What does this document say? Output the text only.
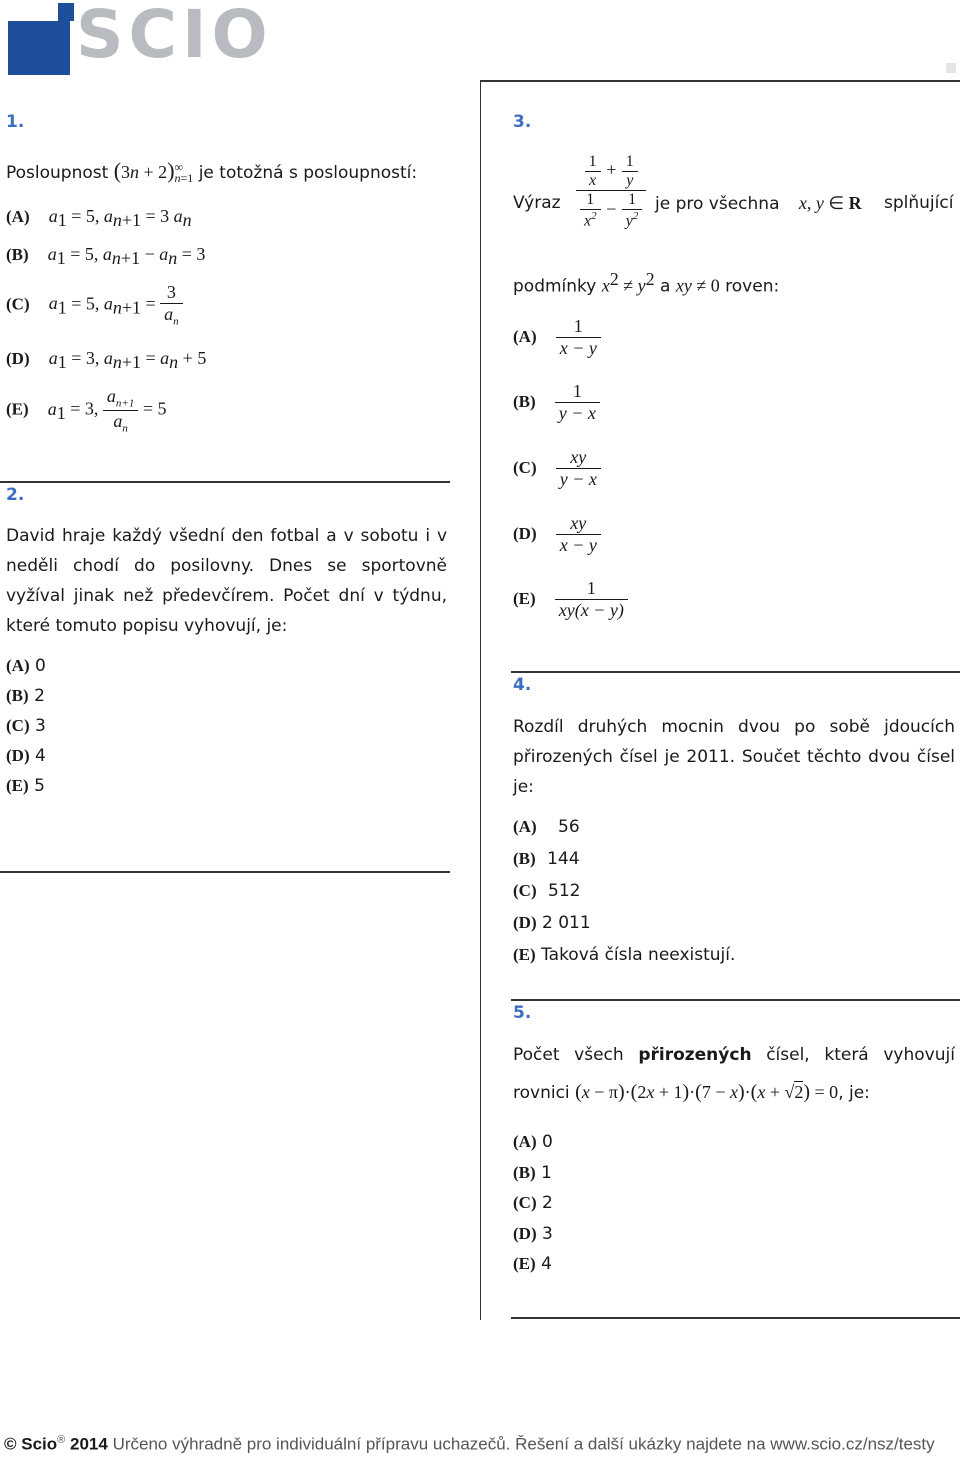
SCIO
1.
Posloupnost (3n + 2) ∞
n=1 je totožná s posloupností:
(A) $a_1 = 5$, $a_{n+1} = 3$ $a_n$
(B) $a_1 = 5$, $a_{n+1} - a_n = 3$
(C) $a_1 = 5$, $a_{n+1} = \frac{3}{a_n}$
(D) $a_1 = 3$, $a_{n+1} = a_n + 5$
(E) $a_1 = 3$, $\frac{a_{n+1}}{a_n} = 5$
2.
David hraje každý všední den fotbal a v sobotu i v
neděli chodí do posilovny. Dnes se sportovně
vyžíval jinak než předevčírem. Počet dní v týdnu,
které tomuto popisu vyhovují, je:
(A) 0
(B) 2
(C) 3
(D) 4
(E) 5
3.
Výraz $\frac{\frac{1}{x} + \frac{1}{y}}{\frac{1}{x^2} - \frac{1}{y^2}}$ je pro všechna x, y ∈ R splňující
podmínky $x^2 \ne y^2$ a xy ≠ 0 roven:
$(A) \frac{1}{x - y}$
$(B) \frac{1}{y - x}$
$(C) \frac{xy}{y - x}$
$(D) \frac{xy}{x - y}$
$(E) \frac{1}{xy(x - y)}$
4.
Rozdíl druhých mocnin dvou po sobě jdoucích
přirozených čísel je 2011. Součet těchto dvou čísel
je:
(A) 56
(B) 144
(C) 512
(D) 2 011
(E) Taková čísla neexistují.
5.
Počet všech přirozených čísel, která vyhovují
rovnici (x − π)·(2x + 1)·(7 − x)·(x + √2) = 0, je:
(A) 0
(B) 1
(C) 2
(D) 3
(E) 4
© Scio® 2014 Určeno výhradně pro individuální přípravu uchazečů. Řešení a další ukázky najdete na www.scio.cz/nsz/testy
